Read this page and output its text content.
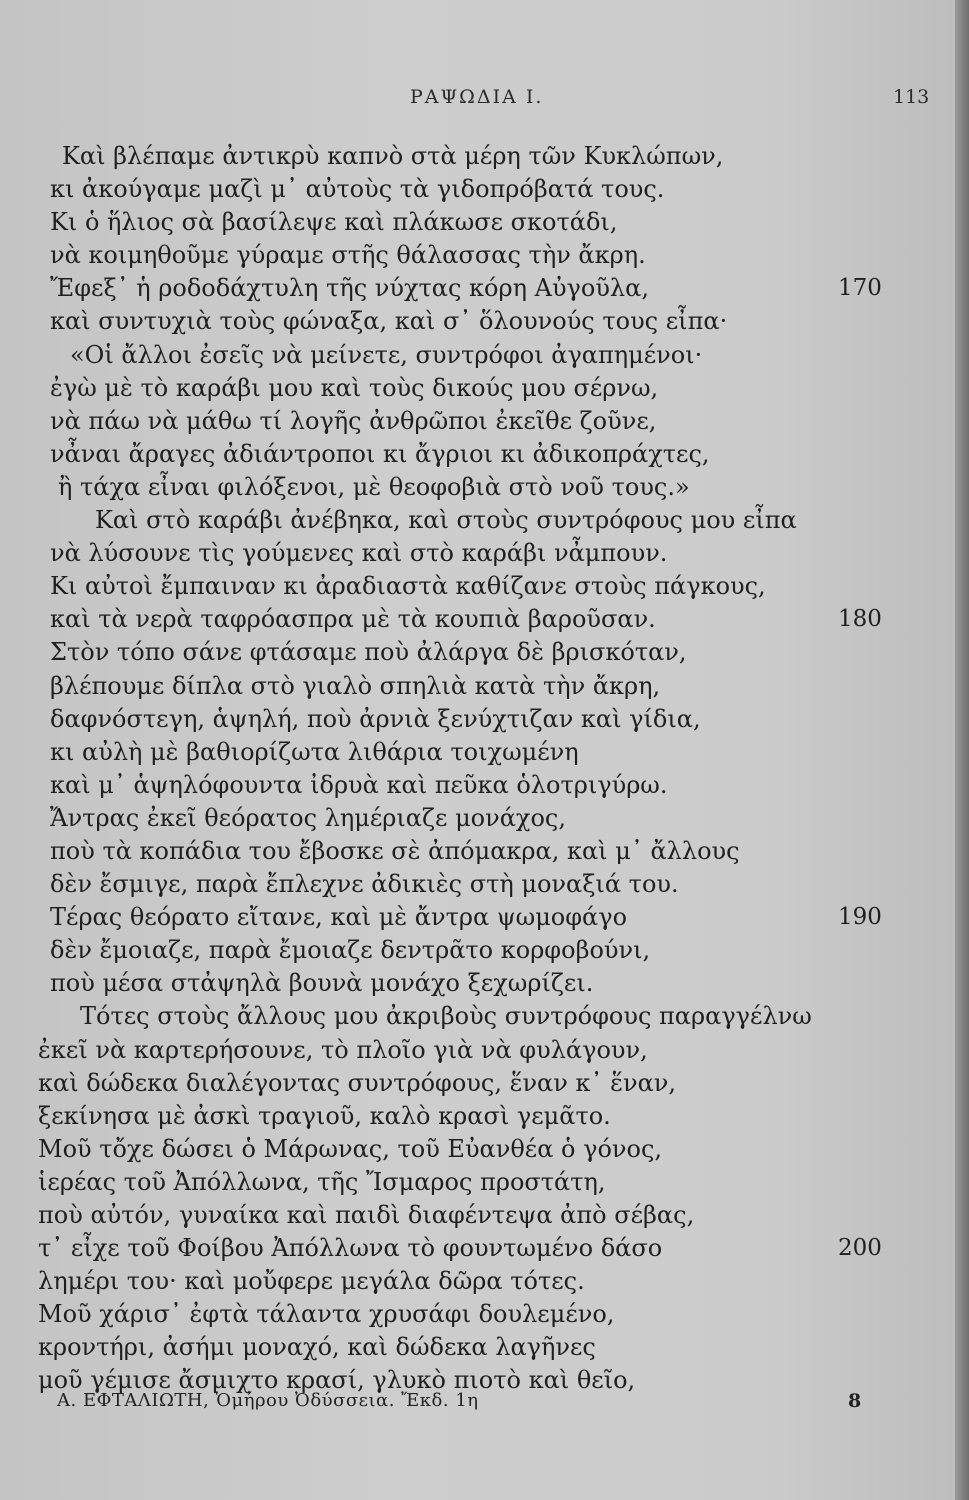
ΡΑΨΩΔΙΑ Ι.	113
Καὶ βλέπαμε ἀντικρὺ καπνὸ στὰ μέρη τῶν Κυκλώπων,
κι ἀκούγαμε μαζὶ μ᾽ αὐτοὺς τὰ γιδοπρόβατά τους.
Κι ὁ ἥλιος σὰ βασίλεψε καὶ πλάκωσε σκοτάδι,
νὰ κοιμηθοῦμε γύραμε στῆς θάλασσας τὴν ἄκρη.
Ἔφεξ᾽ ἡ ροδοδάχτυλη τῆς νύχτας κόρη Αὐγοῦλα,	170
καὶ συντυχιὰ τοὺς φώναξα, καὶ σ᾽ ὅλουνούς τους εἶπα·
«Οἱ ἄλλοι ἐσεῖς νὰ μείνετε, συντρόφοι ἀγαπημένοι·
ἐγὼ μὲ τὸ καράβι μου καὶ τοὺς δικούς μου σέρνω,
νὰ πάω νὰ μάθω τί λογῆς ἀνθρῶποι ἐκεῖθε ζοῦνε,
νἆναι ἄραγες ἀδιάντροποι κι ἄγριοι κι ἀδικοπράχτες,
ἢ τάχα εἶναι φιλόξενοι, μὲ θεοφοβιὰ στὸ νοῦ τους.»
Καὶ στὸ καράβι ἀνέβηκα, καὶ στοὺς συντρόφους μου εἶπα
νὰ λύσουνε τὶς γούμενες καὶ στὸ καράβι νἆμπουν.
Κι αὐτοὶ ἔμπαιναν κι ἀραδιαστὰ καθίζανε στοὺς πάγκους,
καὶ τὰ νερὰ ταφρόασπρα μὲ τὰ κουπιὰ βαροῦσαν.	180
Στὸν τόπο σάνε φτάσαμε ποὺ ἀλάργα δὲ βρισκόταν,
βλέπουμε δίπλα στὸ γιαλὸ σπηλιὰ κατὰ τὴν ἄκρη,
δαφνόστεγη, ἁψηλή, ποὺ ἀρνιὰ ξενύχτιζαν καὶ γίδια,
κι αὐλὴ μὲ βαθιορίζωτα λιθάρια τοιχωμένη
καὶ μ᾽ ἁψηλόφουντα ἰδρυὰ καὶ πεῦκα ὁλοτριγύρω.
Ἄντρας ἐκεῖ θεόρατος λημέριαζε μονάχος,
ποὺ τὰ κοπάδια του ἔβοσκε σὲ ἀπόμακρα, καὶ μ᾽ ἄλλους
δὲν ἔσμιγε, παρὰ ἔπλεχνε ἀδικιὲς στὴ μοναξιά του.
Τέρας θεόρατο εἴτανε, καὶ μὲ ἄντρα ψωμοφάγο	190
δὲν ἔμοιαζε, παρὰ ἔμοιαζε δεντρᾶτο κορφοβούνι,
ποὺ μέσα στἀψηλὰ βουνὰ μονάχο ξεχωρίζει.
Τότες στοὺς ἄλλους μου ἀκριβοὺς συντρόφους παραγγέλνω
ἐκεῖ νὰ καρτερήσουνε, τὸ πλοῖο γιὰ νὰ φυλάγουν,
καὶ δώδεκα διαλέγοντας συντρόφους, ἕναν κ᾽ ἕναν,
ξεκίνησα μὲ ἀσκὶ τραγιοῦ, καλὸ κρασὶ γεμᾶτο.
Μοῦ τὄχε δώσει ὁ Μάρωνας, τοῦ Εὐανθέα ὁ γόνος,
ἱερέας τοῦ Ἀπόλλωνα, τῆς Ἴσμαρος προστάτη,
ποὺ αὐτόν, γυναίκα καὶ παιδὶ διαφέντεψα ἀπὸ σέβας,
τ᾽ εἶχε τοῦ Φοίβου Ἀπόλλωνα τὸ φουντωμένο δάσο	200
λημέρι του· καὶ μοὔφερε μεγάλα δῶρα τότες.
Μοῦ χάρισ᾽ ἐφτὰ τάλαντα χρυσάφι δουλεμένο,
κροντήρι, ἀσήμι μοναχό, καὶ δώδεκα λαγῆνες
μοῦ γέμισε ἄσμιχτο κρασί, γλυκὸ πιοτὸ καὶ θεῖο,
Α. ΕΦΤΑΛΙΩΤΗ, Ὁμήρου Ὀδύσσεια. Ἔκδ. 1η	8
